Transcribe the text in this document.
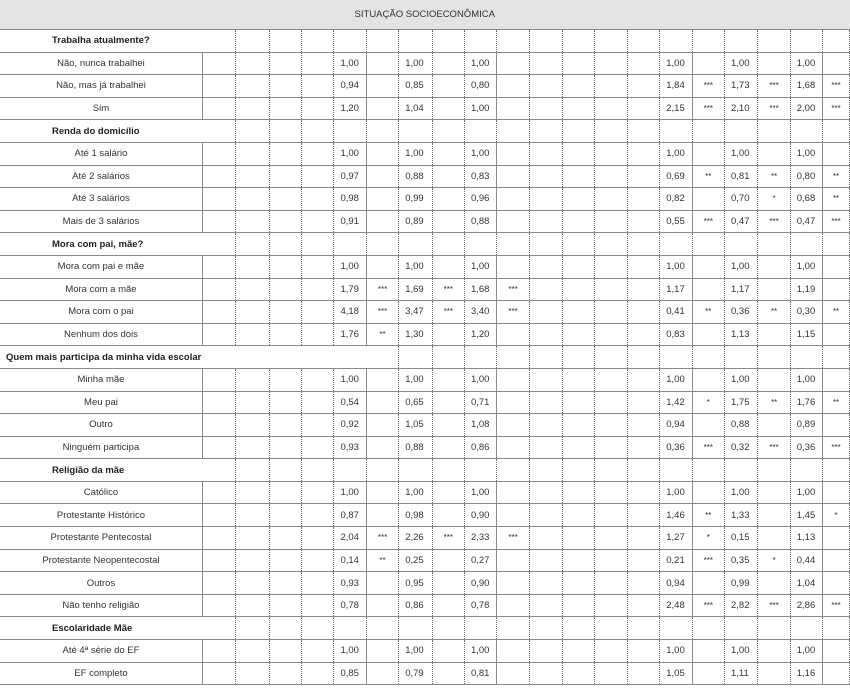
SITUAÇÃO SOCIOECONÔMICA																				
Trabalha atualmente?																				
Não, nunca trabalhei					1,00		1,00		1,00						1,00		1,00		1,00	
Não, mas já trabalhei					0,94		0,85		0,80						1,84	***	1,73	***	1,68	***
Sim					1,20		1,04		1,00						2,15	***	2,10	***	2,00	***
Renda do domicílio																				
Até 1 salário					1,00		1,00		1,00						1,00		1,00		1,00	
Até 2 salários					0,97		0,88		0,83						0,69	**	0,81	**	0,80	**
Até 3 salários					0,98		0,99		0,96						0,82		0,70	*	0,68	**
Mais de 3 salários					0,91		0,89		0,88						0,55	***	0,47	***	0,47	***
Mora com pai, mãe?																				
Mora com pai e mãe					1,00		1,00		1,00						1,00		1,00		1,00	
Mora com a mãe					1,79	***	1,69	***	1,68	***					1,17		1,17		1,19	
Mora com o pai					4,18	***	3,47	***	3,40	***					0,41	**	0,36	**	0,30	**
Nenhum dos dois					1,76	**	1,30		1,20						0,83		1,13		1,15	
Quem mais participa da minha vida escolar																				
Minha mãe					1,00		1,00		1,00						1,00		1,00		1,00	
Meu pai					0,54		0,65		0,71						1,42	*	1,75	**	1,76	**
Outro					0,92		1,05		1,08						0,94		0,88		0,89	
Ninguém participa					0,93		0,88		0,86						0,36	***	0,32	***	0,36	***
Religião da mãe																				
Católico					1,00		1,00		1,00						1,00		1,00		1,00	
Protestante Histórico					0,87		0,98		0,90						1,46	**	1,33		1,45	*
Protestante Pentecostal					2,04	***	2,26	***	2,33	***					1,27	*	0,15		1,13	
Protestante Neopentecostal					0,14	**	0,25		0,27						0,21	***	0,35	*	0,44	
Outros					0,93		0,95		0,90						0,94		0,99		1,04	
Não tenho religião					0,78		0,86		0,78						2,48	***	2,82	***	2,86	***
Escolaridade Mãe																				
Até 4ª série do EF					1,00		1,00		1,00						1,00		1,00		1,00	
EF completo					0,85		0,79		0,81						1,05		1,11		1,16	
